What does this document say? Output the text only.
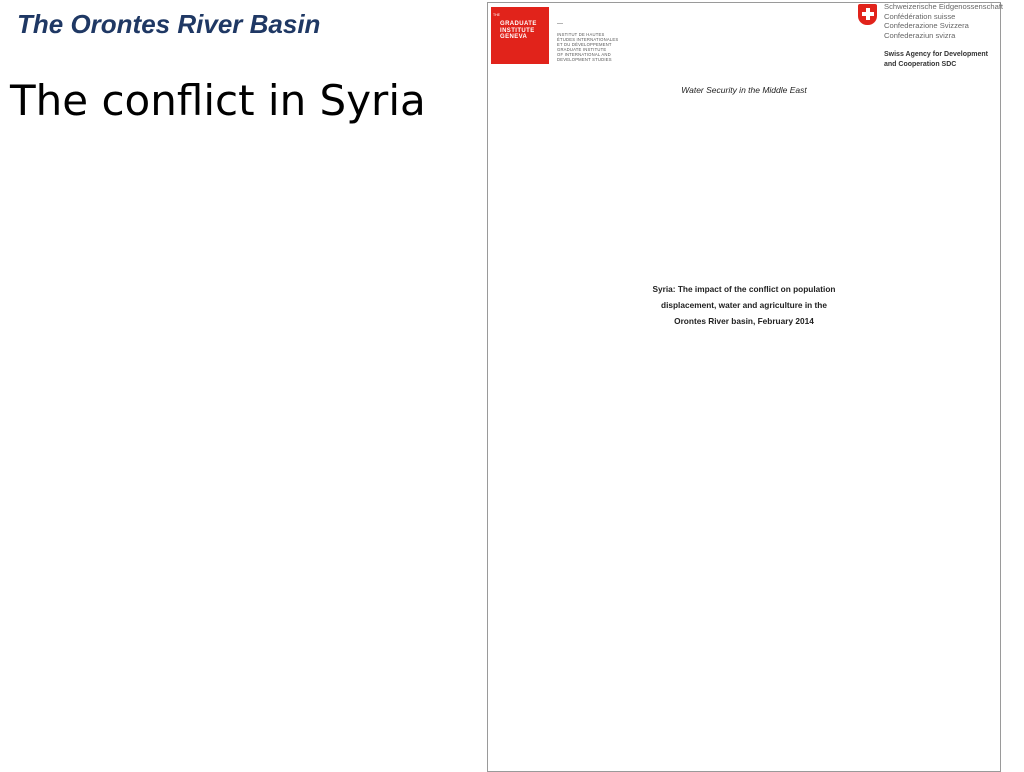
The Orontes River Basin
The conflict in Syria
THE
GRADUATE
INSTITUTE
GENEVA
—
INSTITUT DE HAUTES
ÉTUDES INTERNATIONALES
ET DU DÉVELOPPEMENT
GRADUATE INSTITUTE
OF INTERNATIONAL AND
DEVELOPMENT STUDIES
Schweizerische Eidgenossenschaft
Confédération suisse
Confederazione Svizzera
Confederaziun svizra
Swiss Agency for Development
and Cooperation SDC
Water Security in the Middle East
Syria: The impact of the conflict on population
displacement, water and agriculture in the
Orontes River basin, February 2014
